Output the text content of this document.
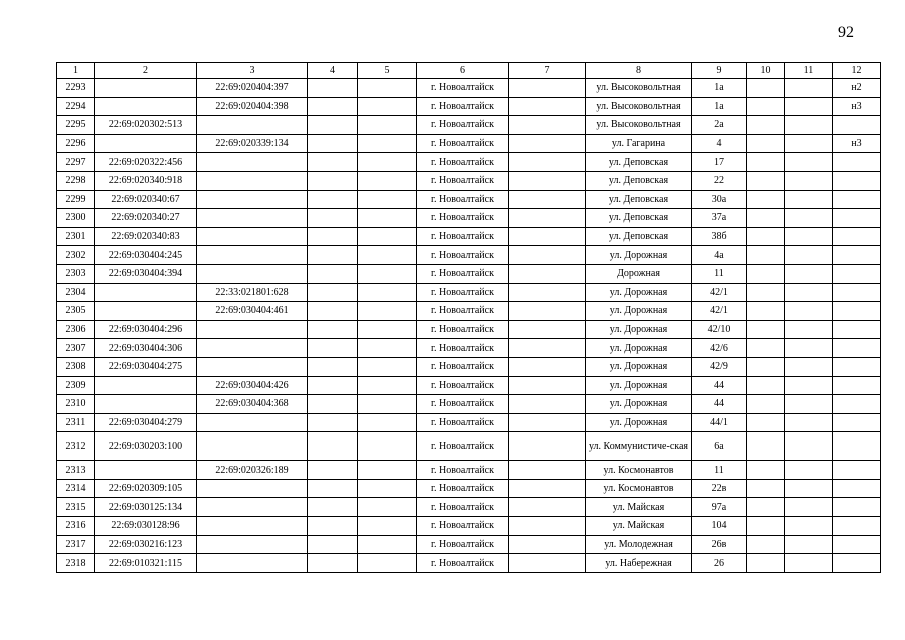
92
1	2	3	4	5	6	7	8	9	10	11	12
2293		22:69:020404:397			г. Новоалтайск		ул. Высоковольтная	1а			н2
2294		22:69:020404:398			г. Новоалтайск		ул. Высоковольтная	1а			н3
2295	22:69:020302:513				г. Новоалтайск		ул. Высоковольтная	2а			
2296		22:69:020339:134			г. Новоалтайск		ул. Гагарина	4			н3
2297	22:69:020322:456				г. Новоалтайск		ул. Деповская	17			
2298	22:69:020340:918				г. Новоалтайск		ул. Деповская	22			
2299	22:69:020340:67				г. Новоалтайск		ул. Деповская	30а			
2300	22:69:020340:27				г. Новоалтайск		ул. Деповская	37а			
2301	22:69:020340:83				г. Новоалтайск		ул. Деповская	38б			
2302	22:69:030404:245				г. Новоалтайск		ул. Дорожная	4а			
2303	22:69:030404:394				г. Новоалтайск		Дорожная	11			
2304		22:33:021801:628			г. Новоалтайск		ул. Дорожная	42/1			
2305		22:69:030404:461			г. Новоалтайск		ул. Дорожная	42/1			
2306	22:69:030404:296				г. Новоалтайск		ул. Дорожная	42/10			
2307	22:69:030404:306				г. Новоалтайск		ул. Дорожная	42/6			
2308	22:69:030404:275				г. Новоалтайск		ул. Дорожная	42/9			
2309		22:69:030404:426			г. Новоалтайск		ул. Дорожная	44			
2310		22:69:030404:368			г. Новоалтайск		ул. Дорожная	44			
2311	22:69:030404:279				г. Новоалтайск		ул. Дорожная	44/1			
2312	22:69:030203:100				г. Новоалтайск		ул. Коммунистиче-ская	6а			
2313		22:69:020326:189			г. Новоалтайск		ул. Космонавтов	11			
2314	22:69:020309:105				г. Новоалтайск		ул. Космонавтов	22в			
2315	22:69:030125:134				г. Новоалтайск		ул. Майская	97а			
2316	22:69:030128:96				г. Новоалтайск		ул. Майская	104			
2317	22:69:030216:123				г. Новоалтайск		ул. Молодежная	26в			
2318	22:69:010321:115				г. Новоалтайск		ул. Набережная	26			
